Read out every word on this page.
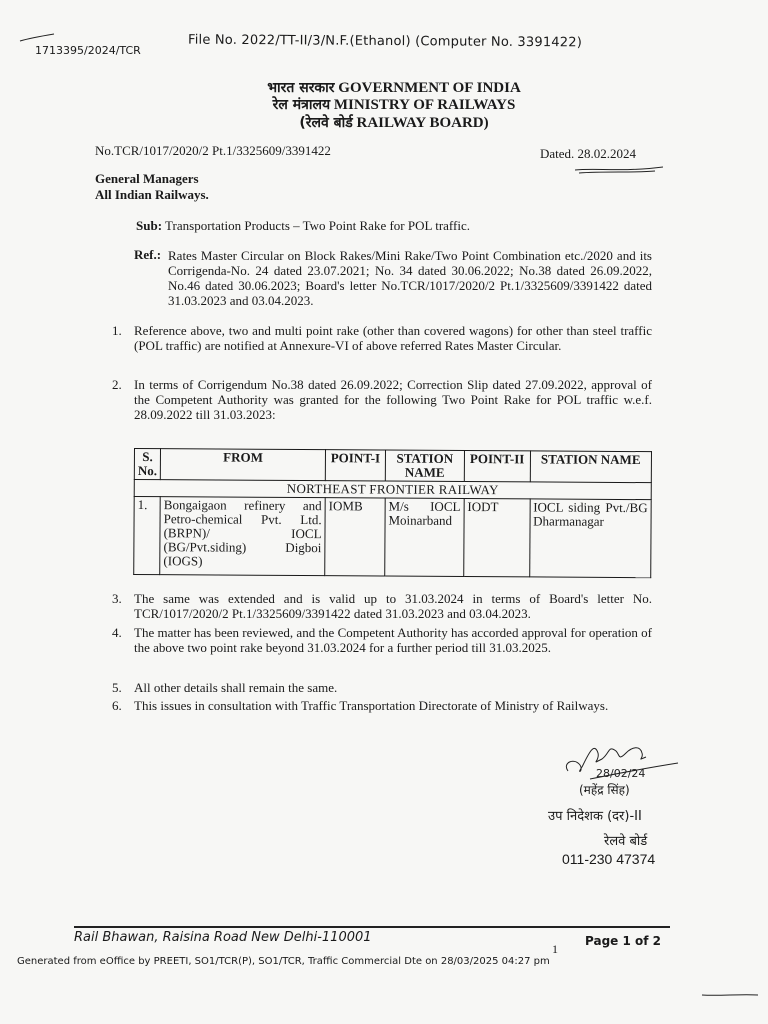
1713395/2024/TCR
File No. 2022/TT-II/3/N.F.(Ethanol) (Computer No. 3391422)
भारत सरकार GOVERNMENT OF INDIA
रेल मंत्रालय MINISTRY OF RAILWAYS
(रेलवे बोर्ड RAILWAY BOARD)
No.TCR/1017/2020/2 Pt.1/3325609/3391422	Dated. 28.02.2024
General Managers
All Indian Railways.
Sub: Transportation Products – Two Point Rake for POL traffic.
Ref.: Rates Master Circular on Block Rakes/Mini Rake/Two Point Combination etc./2020 and its Corrigenda-No. 24 dated 23.07.2021; No. 34 dated 30.06.2022; No.38 dated 26.09.2022, No.46 dated 30.06.2023; Board's letter No.TCR/1017/2020/2 Pt.1/3325609/3391422 dated 31.03.2023 and 03.04.2023.
1. Reference above, two and multi point rake (other than covered wagons) for other than steel traffic (POL traffic) are notified at Annexure-VI of above referred Rates Master Circular.
2. In terms of Corrigendum No.38 dated 26.09.2022; Correction Slip dated 27.09.2022, approval of the Competent Authority was granted for the following Two Point Rake for POL traffic w.e.f. 28.09.2022 till 31.03.2023:
S. No.	FROM	POINT-I	STATION NAME	POINT-II	STATION NAME
NORTHEAST FRONTIER RAILWAY					
1.	Bongaigaon refinery and Petro-chemical Pvt. Ltd.(BRPN)/ IOCL (BG/Pvt.siding) Digboi (IOGS)	IOMB	M/s IOCL Moinarband	IODT	IOCL siding Pvt./BG Dharmanagar
3. The same was extended and is valid up to 31.03.2024 in terms of Board's letter No. TCR/1017/2020/2 Pt.1/3325609/3391422 dated 31.03.2023 and 03.04.2023.
4. The matter has been reviewed, and the Competent Authority has accorded approval for operation of the above two point rake beyond 31.03.2024 for a further period till 31.03.2025.
5. All other details shall remain the same.
6. This issues in consultation with Traffic Transportation Directorate of Ministry of Railways.
28/02/24
(महेंद्र सिंह)
उप निदेशक (दर)-II
रेलवे बोर्ड
011-230 47374
Rail Bhawan, Raisina Road New Delhi-110001	Page 1 of 2
1
Generated from eOffice by PREETI, SO1/TCR(P), SO1/TCR, Traffic Commercial Dte on 28/03/2025 04:27 pm
